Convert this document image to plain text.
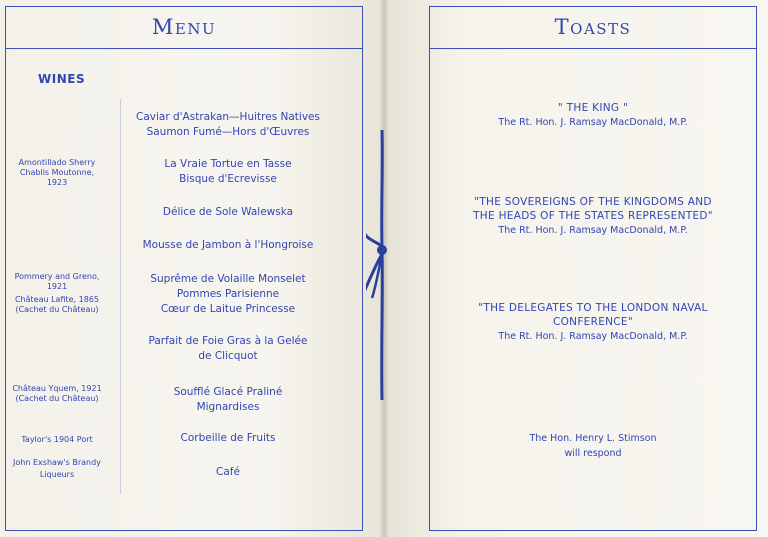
Menu
WINES
Amontillado Sherry
Chablis Moutonne,
1923
Pommery and Greno,
1921
Château Lafite, 1865
(Cachet du Château)
Château Yquem, 1921
(Cachet du Château)
Taylor's 1904 Port
John Exshaw's Brandy
Liqueurs
Caviar d'Astrakan—Huitres Natives
Saumon Fumé—Hors d'Œuvres
La Vraie Tortue en Tasse
Bisque d'Ecrevisse
Délice de Sole Walewska
Mousse de Jambon à l'Hongroise
Suprême de Volaille Monselet
Pommes Parisienne
Cœur de Laitue Princesse
Parfait de Foie Gras à la Gelée
de Clicquot
Soufflé Glacé Praliné
Mignardises
Corbeille de Fruits
Café
Toasts
" THE KING "
The Rt. Hon. J. Ramsay MacDonald, M.P.
"THE SOVEREIGNS OF THE KINGDOMS AND
THE HEADS OF THE STATES REPRESENTED"
The Rt. Hon. J. Ramsay MacDonald, M.P.
"THE DELEGATES TO THE LONDON NAVAL
CONFERENCE"
The Rt. Hon. J. Ramsay MacDonald, M.P.
The Hon. Henry L. Stimson
will respond
